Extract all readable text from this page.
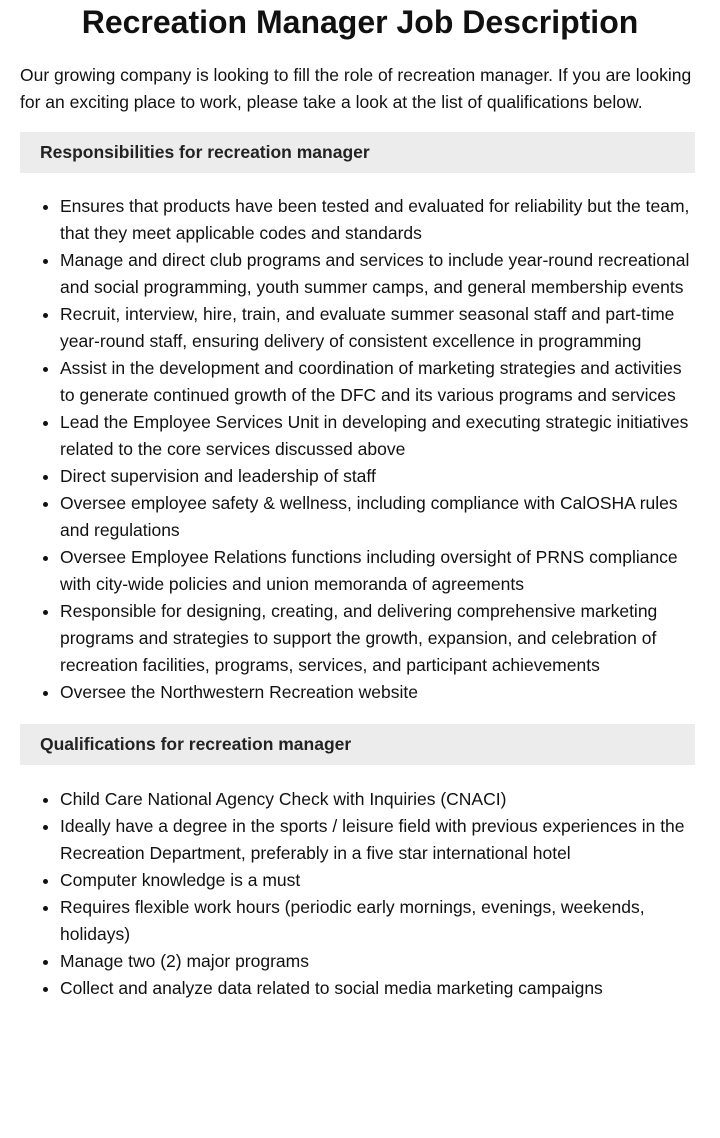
Recreation Manager Job Description

Our growing company is looking to fill the role of recreation manager. If you are looking for an exciting place to work, please take a look at the list of qualifications below.

Responsibilities for recreation manager
• Ensures that products have been tested and evaluated for reliability but the team, that they meet applicable codes and standards
• Manage and direct club programs and services to include year-round recreational and social programming, youth summer camps, and general membership events
• Recruit, interview, hire, train, and evaluate summer seasonal staff and part-time year-round staff, ensuring delivery of consistent excellence in programming
• Assist in the development and coordination of marketing strategies and activities to generate continued growth of the DFC and its various programs and services
• Lead the Employee Services Unit in developing and executing strategic initiatives related to the core services discussed above
• Direct supervision and leadership of staff
• Oversee employee safety & wellness, including compliance with CalOSHA rules and regulations
• Oversee Employee Relations functions including oversight of PRNS compliance with city-wide policies and union memoranda of agreements
• Responsible for designing, creating, and delivering comprehensive marketing programs and strategies to support the growth, expansion, and celebration of recreation facilities, programs, services, and participant achievements
• Oversee the Northwestern Recreation website
Qualifications for recreation manager
• Child Care National Agency Check with Inquiries (CNACI)
• Ideally have a degree in the sports / leisure field with previous experiences in the Recreation Department, preferably in a five star international hotel
• Computer knowledge is a must
• Requires flexible work hours (periodic early mornings, evenings, weekends, holidays)
• Manage two (2) major programs
• Collect and analyze data related to social media marketing campaigns
